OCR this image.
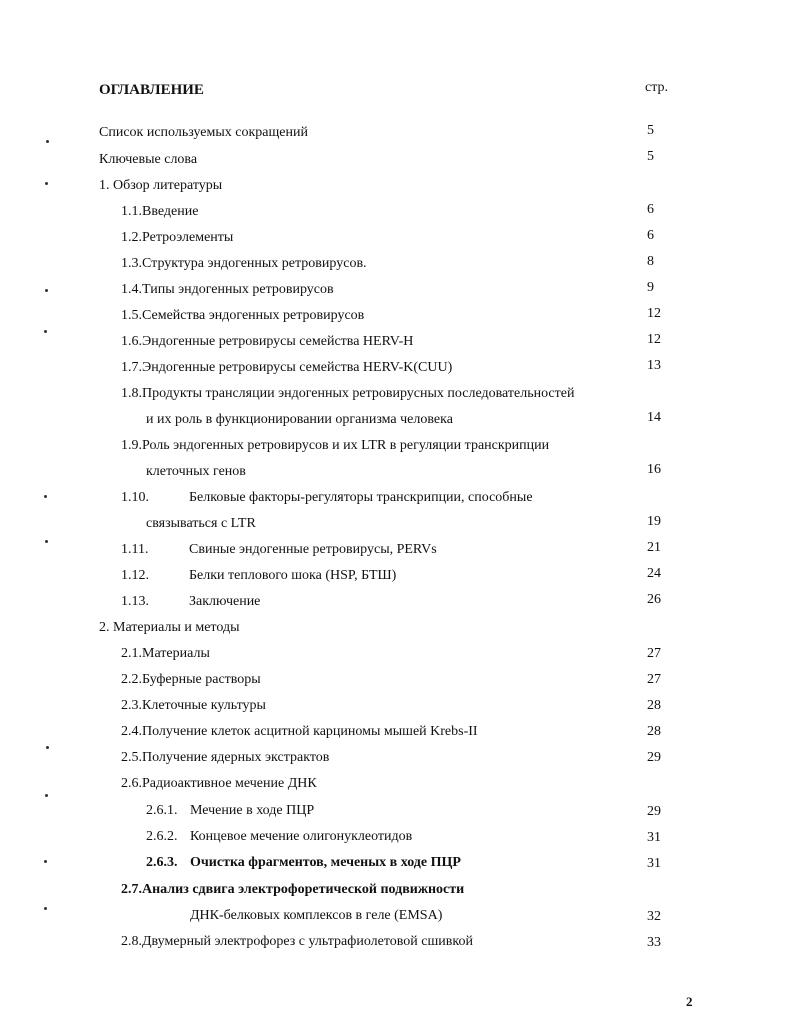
ОГЛАВЛЕНИЕ	стр.
Список используемых сокращений	5
Ключевые слова	5
1. Обзор литературы
1.1.Введение	6
1.2.Ретроэлементы	6
1.3.Структура эндогенных ретровирусов.	8
1.4.Типы эндогенных ретровирусов	9
1.5.Семейства эндогенных ретровирусов	12
1.6.Эндогенные ретровирусы семейства HERV-H	12
1.7.Эндогенные ретровирусы семейства HERV-K(CUU)	13
1.8.Продукты трансляции эндогенных ретровирусных последовательностей
и их роль в функционировании организма человека	14
1.9.Роль эндогенных ретровирусов и их LTR в регуляции транскрипции
клеточных генов	16
1.10.	Белковые факторы-регуляторы транскрипции, способные
связываться с LTR	19
1.11.	Свиные эндогенные ретровирусы, PERVs	21
1.12.	Белки теплового шока (HSP, БТШ)	24
1.13.	Заключение	26
2. Материалы и методы
2.1.Материалы	27
2.2.Буферные растворы	27
2.3.Клеточные культуры	28
2.4.Получение клеток асцитной карциномы мышей Krebs-II	28
2.5.Получение ядерных экстрактов	29
2.6.Радиоактивное мечение ДНК
2.6.1. Мечение в ходе ПЦР	29
2.6.2. Концевое мечение олигонуклеотидов	31
2.6.3. Очистка фрагментов, меченых в ходе ПЦР	31
2.7.Анализ сдвига электрофоретической подвижности
ДНК-белковых комплексов в геле (EMSA)	32
2.8.Двумерный электрофорез с ультрафиолетовой сшивкой	33
2
